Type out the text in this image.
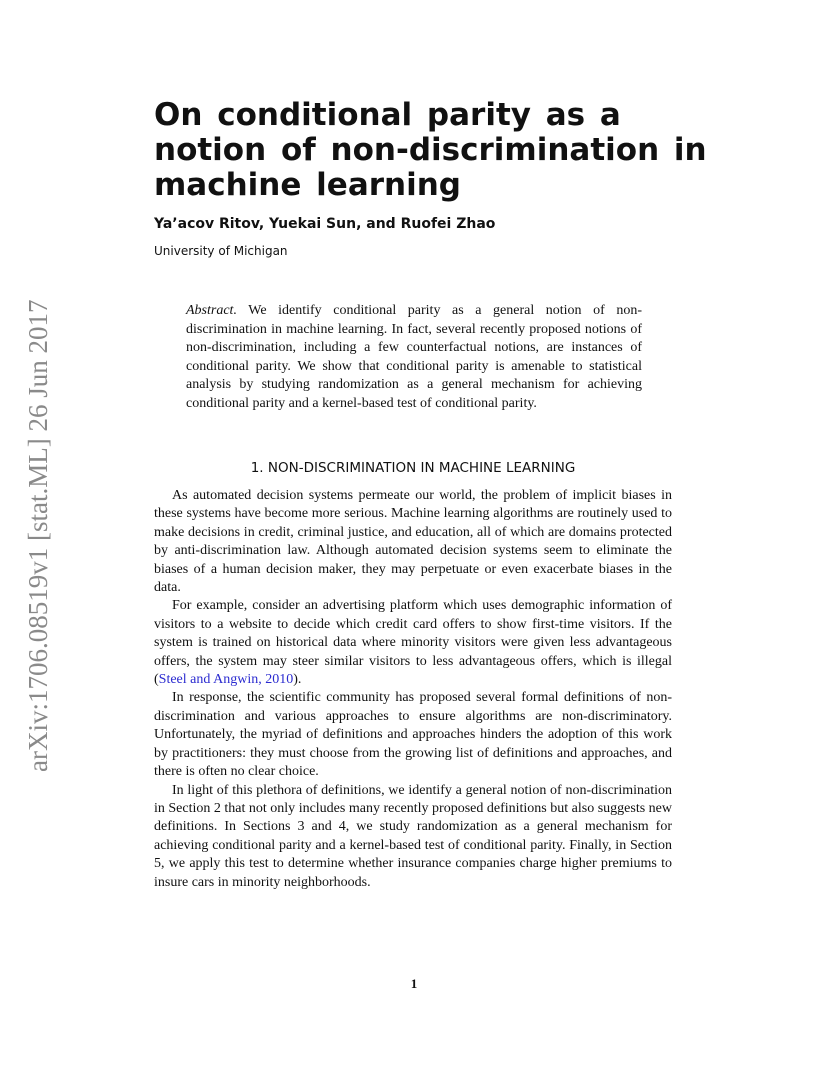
arXiv:1706.08519v1 [stat.ML] 26 Jun 2017
On conditional parity as a notion of non-discrimination in machine learning

Ya’acov Ritov, Yuekai Sun, and Ruofei Zhao

University of Michigan

Abstract. We identify conditional parity as a general notion of non-discrimination in machine learning. In fact, several recently proposed notions of non-discrimination, including a few counterfactual notions, are instances of conditional parity. We show that conditional parity is amenable to statistical analysis by studying randomization as a general mechanism for achieving conditional parity and a kernel-based test of conditional parity.

1. NON-DISCRIMINATION IN MACHINE LEARNING

As automated decision systems permeate our world, the problem of implicit biases in these systems have become more serious. Machine learning algorithms are routinely used to make decisions in credit, criminal justice, and education, all of which are domains protected by anti-discrimination law. Although automated decision systems seem to eliminate the biases of a human decision maker, they may perpetuate or even exacerbate biases in the data.

For example, consider an advertising platform which uses demographic information of visitors to a website to decide which credit card offers to show first-time visitors. If the system is trained on historical data where minority visitors were given less advantageous offers, the system may steer similar visitors to less advantageous offers, which is illegal (Steel and Angwin, 2010).

In response, the scientific community has proposed several formal definitions of non-discrimination and various approaches to ensure algorithms are non-discriminatory. Unfortunately, the myriad of definitions and approaches hinders the adoption of this work by practitioners: they must choose from the growing list of definitions and approaches, and there is often no clear choice.

In light of this plethora of definitions, we identify a general notion of non-discrimination in Section 2 that not only includes many recently proposed definitions but also suggests new definitions. In Sections 3 and 4, we study randomization as a general mechanism for achieving conditional parity and a kernel-based test of conditional parity. Finally, in Section 5, we apply this test to determine whether insurance companies charge higher premiums to insure cars in minority neighborhoods.

1
